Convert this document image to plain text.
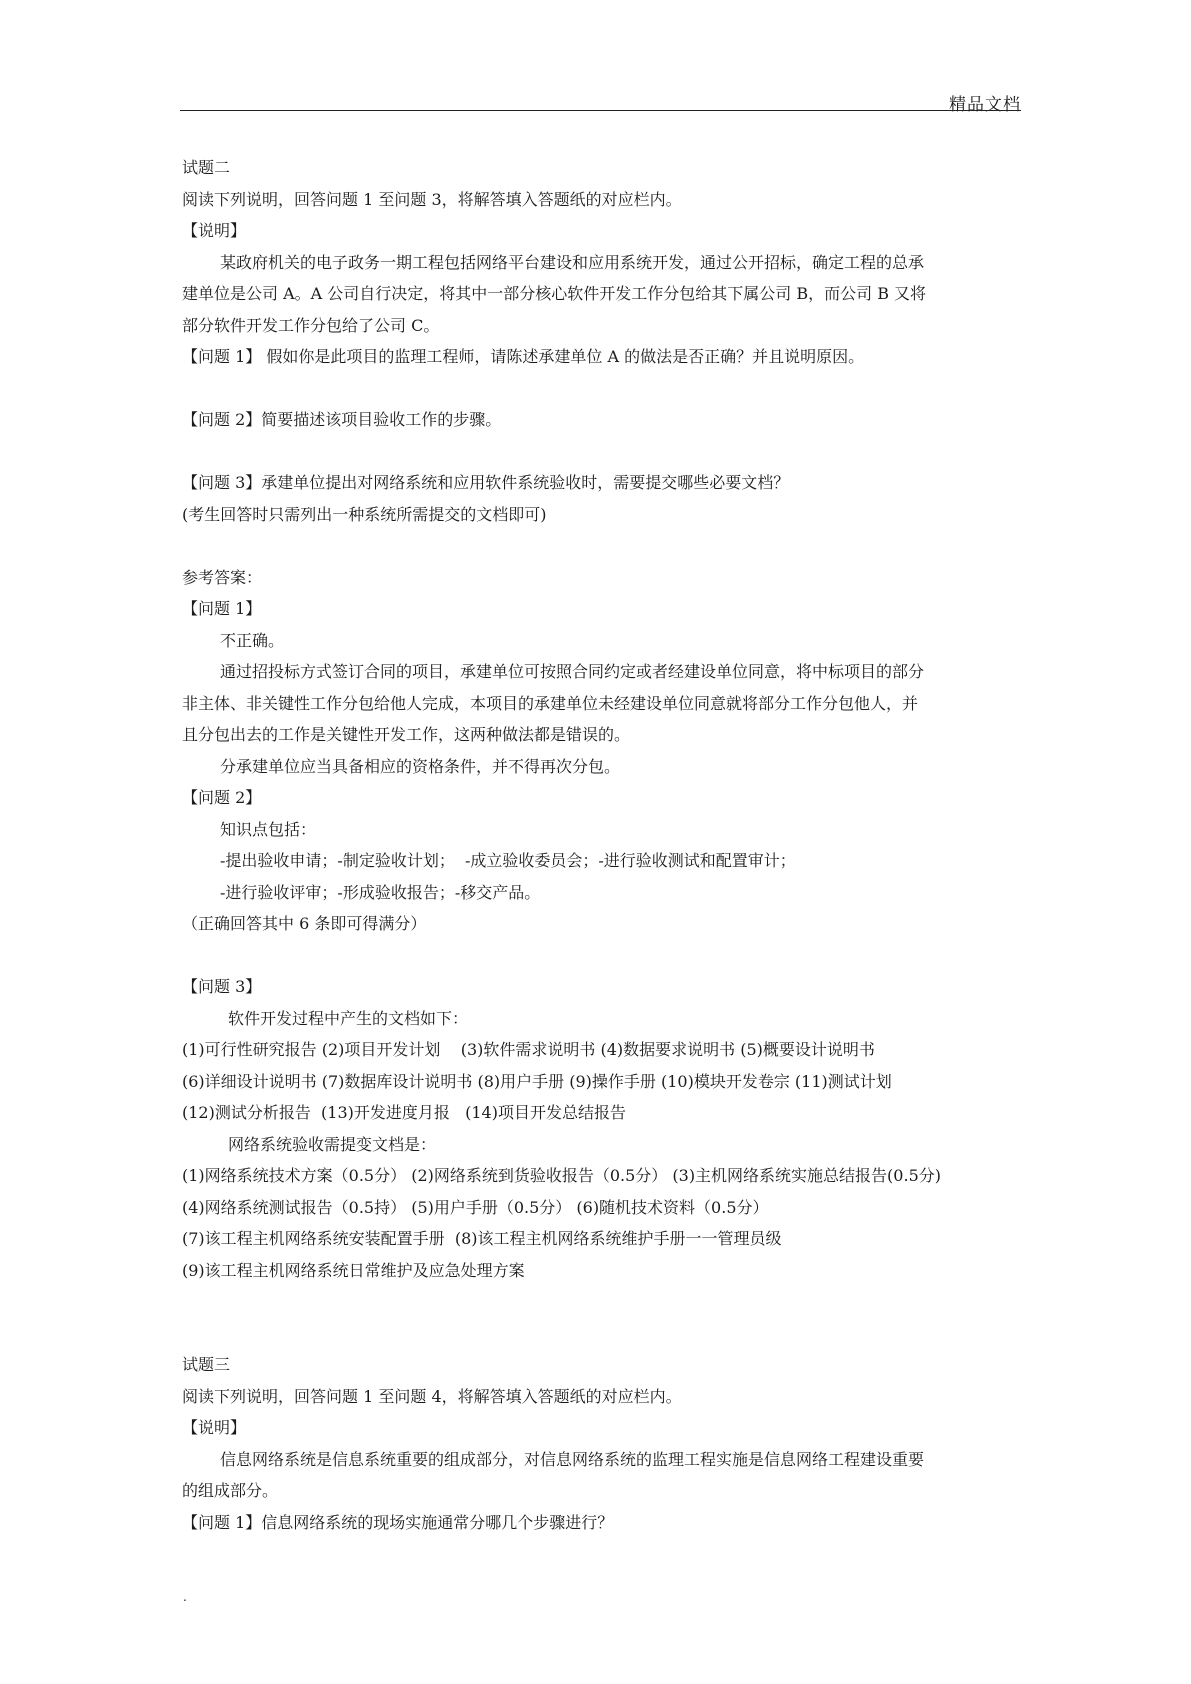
精品文档
试题二
阅读下列说明，回答问题 1 至问题 3，将解答填入答题纸的对应栏内。
【说明】
某政府机关的电子政务一期工程包括网络平台建设和应用系统开发，通过公开招标，确定工程的总承
建单位是公司 A。A 公司自行决定，将其中一部分核心软件开发工作分包给其下属公司 B，而公司 B 又将
部分软件开发工作分包给了公司 C。
【问题 1】 假如你是此项目的监理工程师，请陈述承建单位 A 的做法是否正确？并且说明原因。
【问题 2】简要描述该项目验收工作的步骤。
【问题 3】承建单位提出对网络系统和应用软件系统验收时，需要提交哪些必要文档？
(考生回答时只需列出一种系统所需提交的文档即可)
参考答案：
【问题 1】
不正确。
通过招投标方式签订合同的项目，承建单位可按照合同约定或者经建设单位同意，将中标项目的部分
非主体、非关键性工作分包给他人完成，本项目的承建单位未经建设单位同意就将部分工作分包他人，并
且分包出去的工作是关键性开发工作，这两种做法都是错误的。
分承建单位应当具备相应的资格条件，并不得再次分包。
【问题 2】
知识点包括：
-提出验收申请；-制定验收计划；  -成立验收委员会；-进行验收测试和配置审计；
-进行验收评审；-形成验收报告；-移交产品。
（正确回答其中 6 条即可得满分）
【问题 3】
软件开发过程中产生的文档如下：
(1)可行性研究报告 (2)项目开发计划    (3)软件需求说明书 (4)数据要求说明书 (5)概要设计说明书
(6)详细设计说明书 (7)数据库设计说明书 (8)用户手册 (9)操作手册 (10)模块开发卷宗 (11)测试计划
(12)测试分析报告  (13)开发进度月报   (14)项目开发总结报告
网络系统验收需提变文档是：
(1)网络系统技术方案（0.5分） (2)网络系统到货验收报告（0.5分） (3)主机网络系统实施总结报告(0.5分)
(4)网络系统测试报告（0.5持） (5)用户手册（0.5分） (6)随机技术资料（0.5分）
(7)该工程主机网络系统安装配置手册  (8)该工程主机网络系统维护手册一一管理员级
(9)该工程主机网络系统日常维护及应急处理方案
试题三
阅读下列说明，回答问题 1 至问题 4，将解答填入答题纸的对应栏内。
【说明】
信息网络系统是信息系统重要的组成部分，对信息网络系统的监理工程实施是信息网络工程建设重要
的组成部分。
【问题 1】信息网络系统的现场实施通常分哪几个步骤进行？
.
